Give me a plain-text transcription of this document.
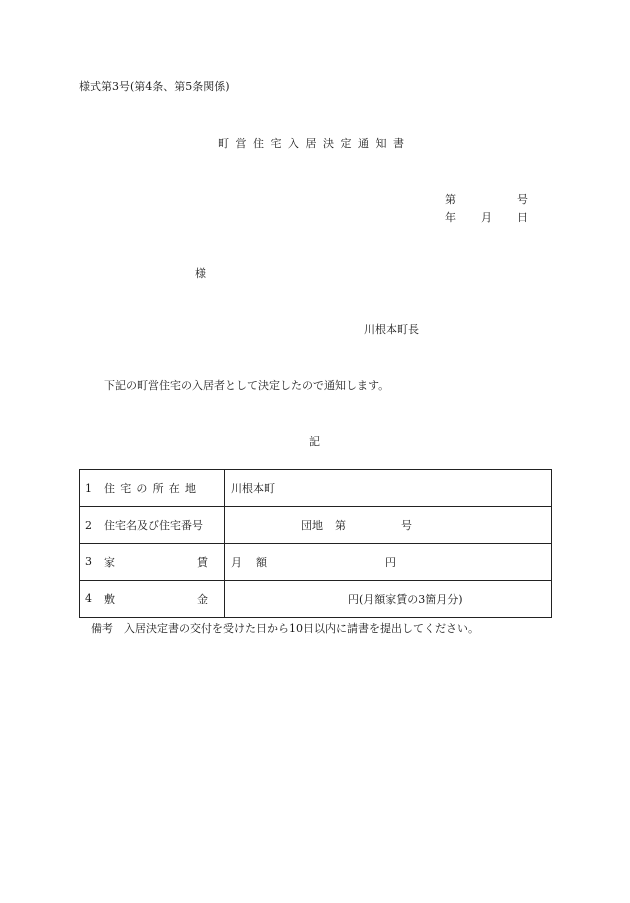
様式第3号(第4条、第5条関係)
町営住宅入居決定通知書
第	号
年 月 日
様
川根本町長
下記の町営住宅の入居者として決定したので通知します。
記
1 住宅の所在地	川根本町
2 住宅名及び住宅番号	団地 第 号
3 家 賃	月 額 円
4 敷 金	円(月額家賃の3箇月分)
備考 入居決定書の交付を受けた日から10日以内に請書を提出してください。
